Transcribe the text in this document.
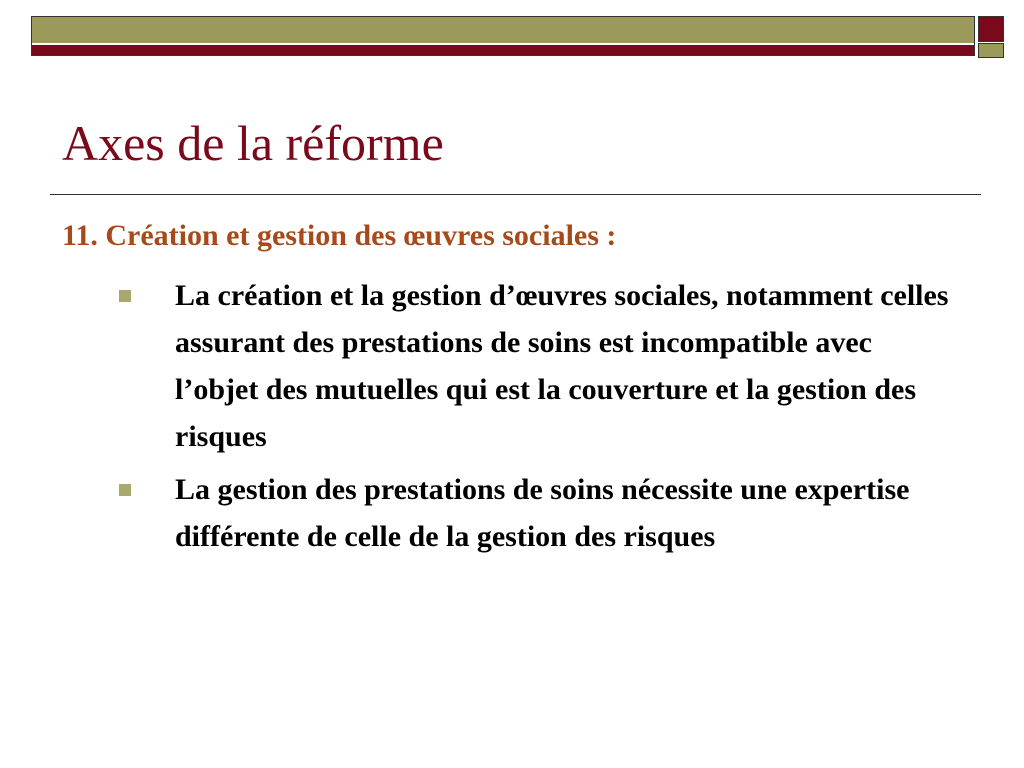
Axes de la réforme
11. Création et gestion des œuvres sociales :
La création et la gestion d’œuvres sociales, notamment celles assurant des prestations de soins est incompatible avec l’objet des mutuelles qui est la couverture et la gestion des risques
La gestion des prestations de soins nécessite une expertise différente de celle de la gestion des risques
